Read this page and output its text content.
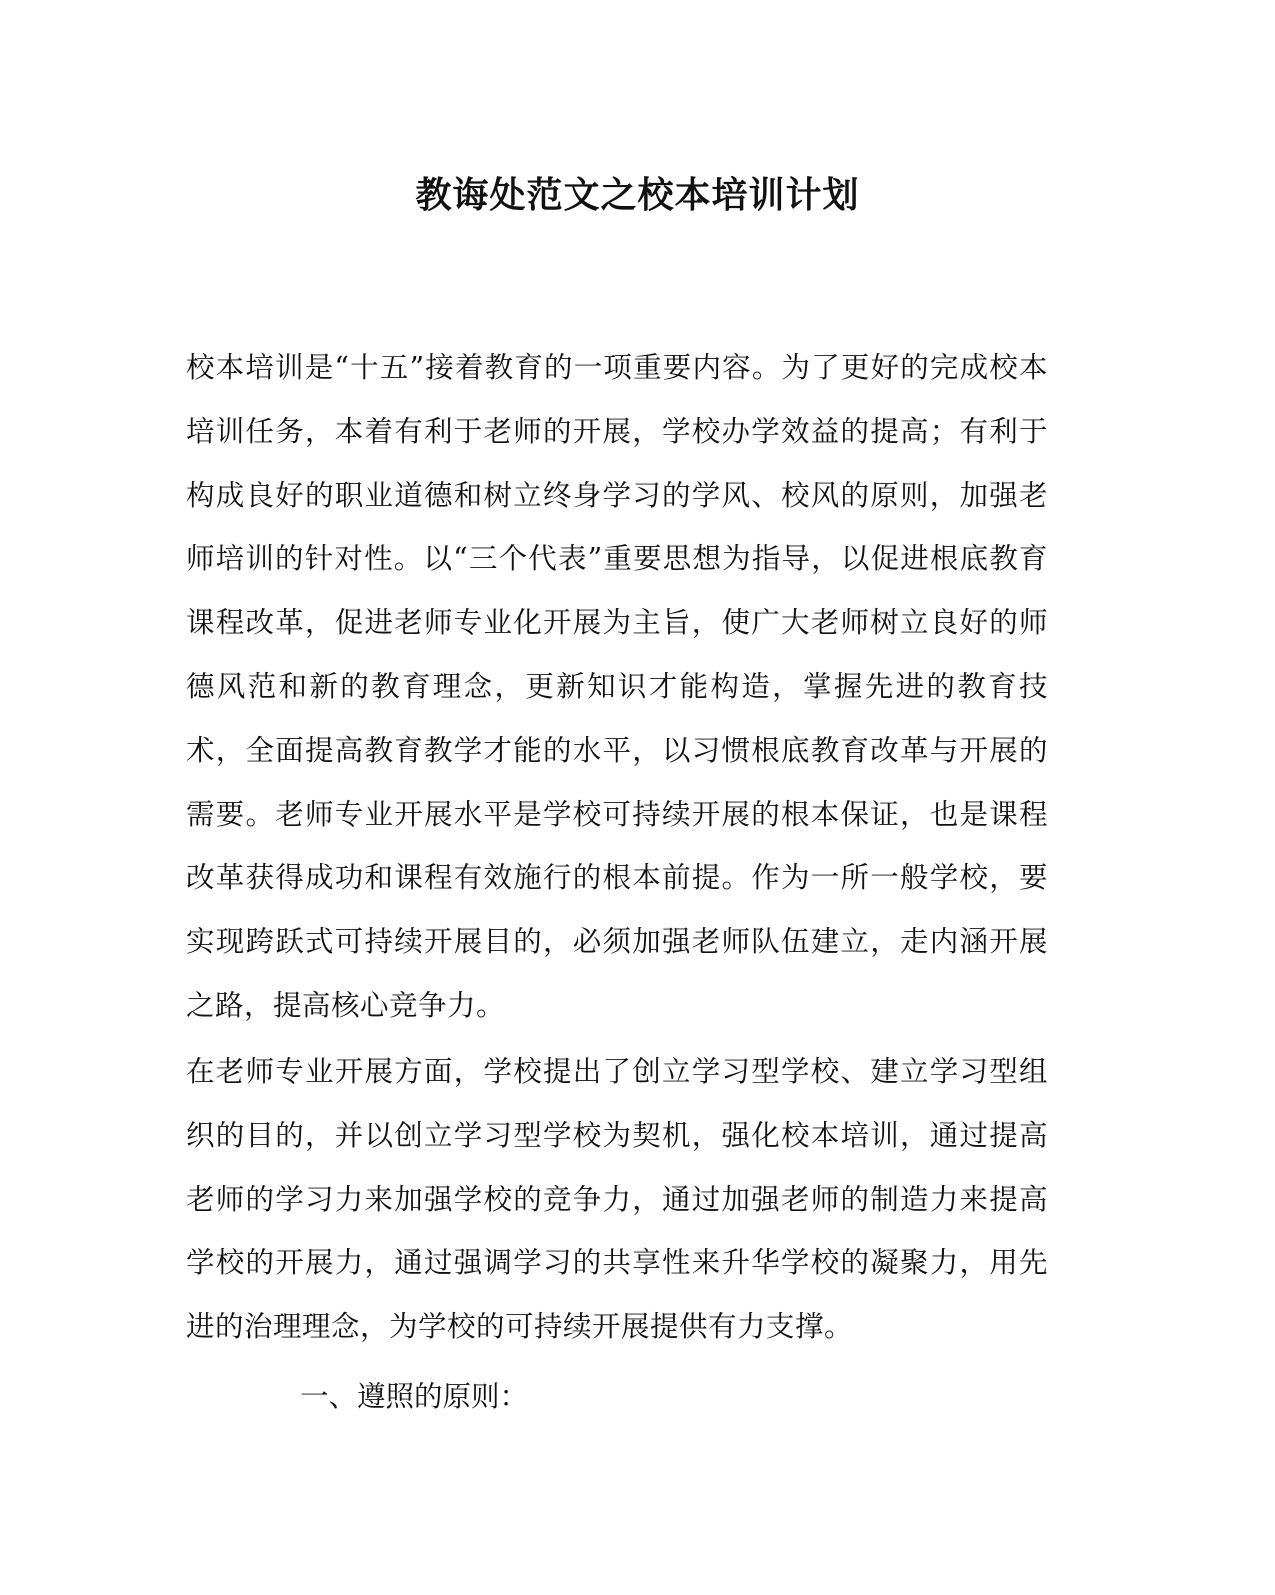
教诲处范文之校本培训计划

校本培训是“十五”接着教育的一项重要内容。为了更好的完成校本培训任务，本着有利于老师的开展，学校办学效益的提高；有利于构成良好的职业道德和树立终身学习的学风、校风的原则，加强老师培训的针对性。以“三个代表”重要思想为指导，以促进根底教育课程改革，促进老师专业化开展为主旨，使广大老师树立良好的师德风范和新的教育理念，更新知识才能构造，掌握先进的教育技术，全面提高教育教学才能的水平，以习惯根底教育改革与开展的需要。老师专业开展水平是学校可持续开展的根本保证，也是课程改革获得成功和课程有效施行的根本前提。作为一所一般学校，要实现跨跃式可持续开展目的，必须加强老师队伍建立，走内涵开展之路，提高核心竞争力。

在老师专业开展方面，学校提出了创立学习型学校、建立学习型组织的目的，并以创立学习型学校为契机，强化校本培训，通过提高老师的学习力来加强学校的竞争力，通过加强老师的制造力来提高学校的开展力，通过强调学习的共享性来升华学校的凝聚力，用先进的治理理念，为学校的可持续开展提供有力支撑。

一、遵照的原则：
